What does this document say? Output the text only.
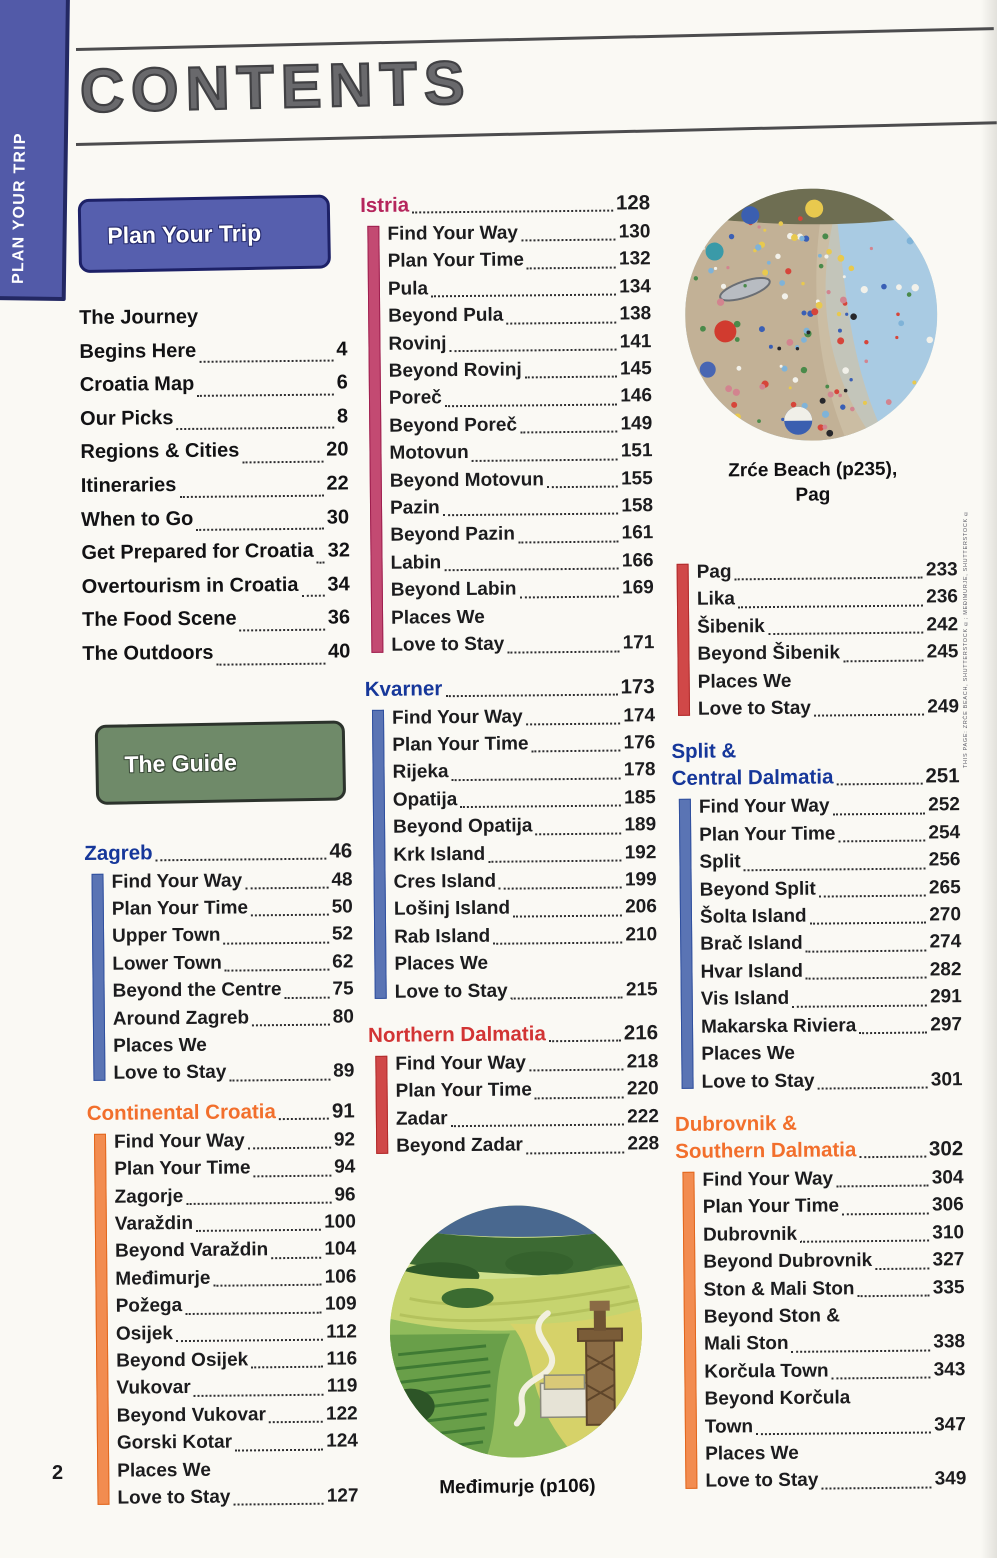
PLAN YOUR TRIP
CONTENTS
Plan Your Trip
The Journey
Begins Here	4
Croatia Map	6
Our Picks	8
Regions & Cities	20
Itineraries	22
When to Go	30
Get Prepared for Croatia 32
Overtourism in Croatia 34
The Food Scene	36
The Outdoors	40
The Guide
Zagreb	46
Find Your Way	48
Plan Your Time	50
Upper Town	52
Lower Town	62
Beyond the Centre	75
Around Zagreb	80
Places We
Love to Stay	89
Continental Croatia	91
Find Your Way	92
Plan Your Time	94
Zagorje	96
Varaždin	100
Beyond Varaždin	104
Međimurje	106
Požega	109
Osijek	112
Beyond Osijek	116
Vukovar	119
Beyond Vukovar	122
Gorski Kotar	124
Places We
Love to Stay	127
Istria	128
Find Your Way	130
Plan Your Time	132
Pula	134
Beyond Pula	138
Rovinj	141
Beyond Rovinj	145
Poreč	146
Beyond Poreč	149
Motovun	151
Beyond Motovun	155
Pazin	158
Beyond Pazin	161
Labin	166
Beyond Labin	169
Places We
Love to Stay	171
Kvarner	173
Find Your Way	174
Plan Your Time	176
Rijeka	178
Opatija	185
Beyond Opatija	189
Krk Island	192
Cres Island	199
Lošinj Island	206
Rab Island	210
Places We
Love to Stay	215
Northern Dalmatia	216
Find Your Way	218
Plan Your Time	220
Zadar	222
Beyond Zadar	228
Međimurje (p106)
Zrće Beach (p235),
Pag
Pag	233
Lika	236
Šibenik	242
Beyond Šibenik	245
Places We
Love to Stay	249
Split &
Central Dalmatia	251
Find Your Way	252
Plan Your Time	254
Split	256
Beyond Split	265
Šolta Island	270
Brač Island	274
Hvar Island	282
Vis Island	291
Makarska Riviera	297
Places We
Love to Stay	301
Dubrovnik &
Southern Dalmatia	302
Find Your Way	304
Plan Your Time	306
Dubrovnik	310
Beyond Dubrovnik	327
Ston & Mali Ston	335
Beyond Ston &
Mali Ston	338
Korčula Town	343
Beyond Korčula
Town	347
Places We
Love to Stay	349
2
THIS PAGE: ZRĆE BEACH, SHUTTERSTOCK ©; MEĐIMURJE, SHUTTERSTOCK ©
